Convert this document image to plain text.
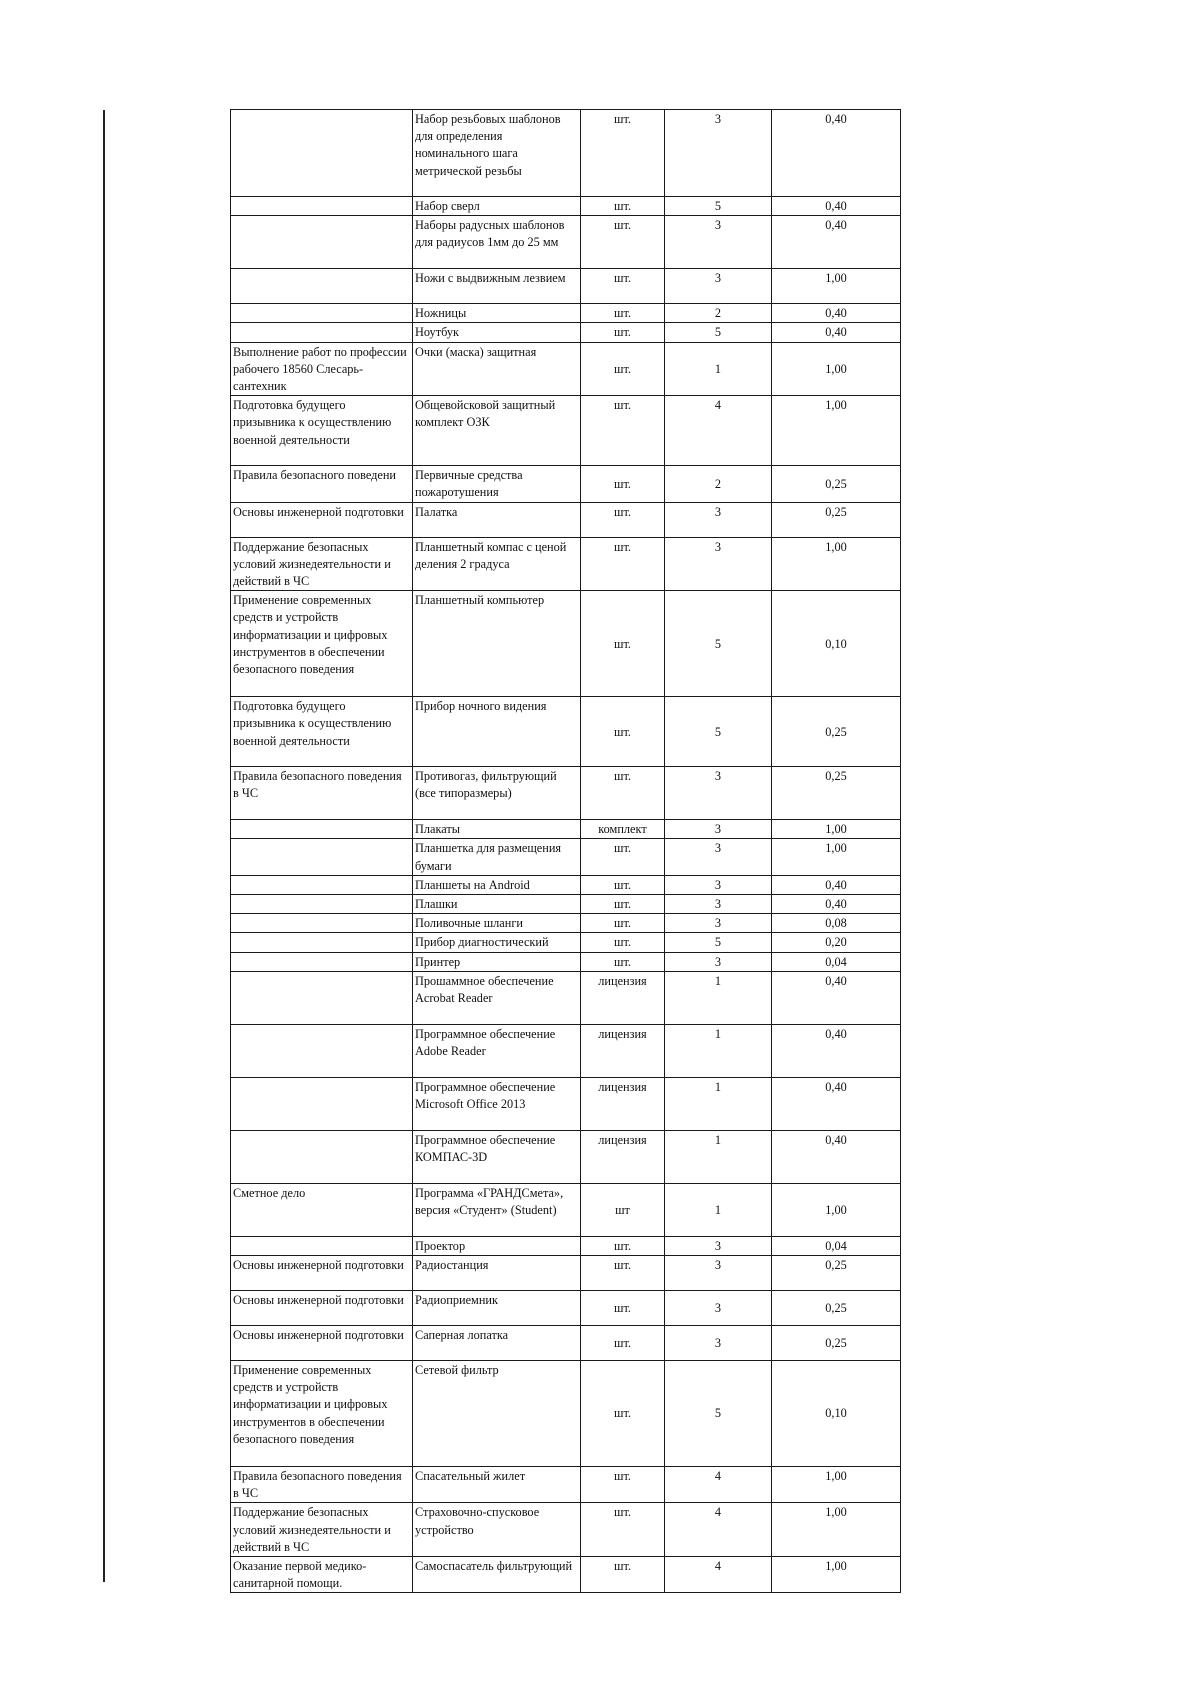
	Набор резьбовых шаблонов для определения номинального шага метрической резьбы	шт.	3	0,40
	Набор сверл	шт.	5	0,40
	Наборы радусных шаблонов для радиусов 1мм до 25 мм	шт.	3	0,40
	Ножи с выдвижным лезвием	шт.	3	1,00
	Ножницы	шт.	2	0,40
	Ноутбук	шт.	5	0,40
Выполнение работ по профессии рабочего 18560 Слесарь-сантехник	Очки (маска) защитная	шт.	1	1,00
Подготовка будущего призывника к осуществлению военной деятельности	Общевойсковой защитный комплект ОЗК	шт.	4	1,00
Правила безопасного поведени	Первичные средства пожаротушения	шт.	2	0,25
Основы инженерной подготовки	Палатка	шт.	3	0,25
Поддержание безопасных условий жизнедеятельности и действий в ЧС	Планшетный компас с ценой деления 2 градуса	шт.	3	1,00
Применение современных средств и устройств информатизации и цифровых инструментов в обеспечении безопасного поведения	Планшетный компьютер	шт.	5	0,10
Подготовка будущего призывника к осуществлению военной деятельности	Прибор ночного видения	шт.	5	0,25
Правила безопасного поведения в ЧС	Противогаз, фильтрующий (все типоразмеры)	шт.	3	0,25
	Плакаты	комплект	3	1,00
	Планшетка для размещения бумаги	шт.	3	1,00
	Планшеты на Android	шт.	3	0,40
	Плашки	шт.	3	0,40
	Поливочные шланги	шт.	3	0,08
	Прибор диагностический	шт.	5	0,20
	Принтер	шт.	3	0,04
	Прошаммное обеспечение Acrobat Reader	лицензия	1	0,40
	Программное обеспечение Adobe Reader	лицензия	1	0,40
	Программное обеспечение Microsoft Office 2013	лицензия	1	0,40
	Программное обеспечение КОМПАС-3D	лицензия	1	0,40
Сметное дело	Программа «ГРАНДСмета», версия «Студент» (Student)	шт	1	1,00
	Проектор	шт.	3	0,04
Основы инженерной подготовки	Радиостанция	шт.	3	0,25
Основы инженерной подготовки	Радиоприемник	шт.	3	0,25
Основы инженерной подготовки	Саперная лопатка	шт.	3	0,25
Применение современных средств и устройств информатизации и цифровых инструментов в обеспечении безопасного поведения	Сетевой фильтр	шт.	5	0,10
Правила безопасного поведения в ЧС	Спасательный жилет	шт.	4	1,00
Поддержание безопасных условий жизнедеятельности и действий в ЧС	Страховочно-спусковое устройство	шт.	4	1,00
Оказание первой медико-санитарной помощи.	Самоспасатель фильтрующий	шт.	4	1,00
